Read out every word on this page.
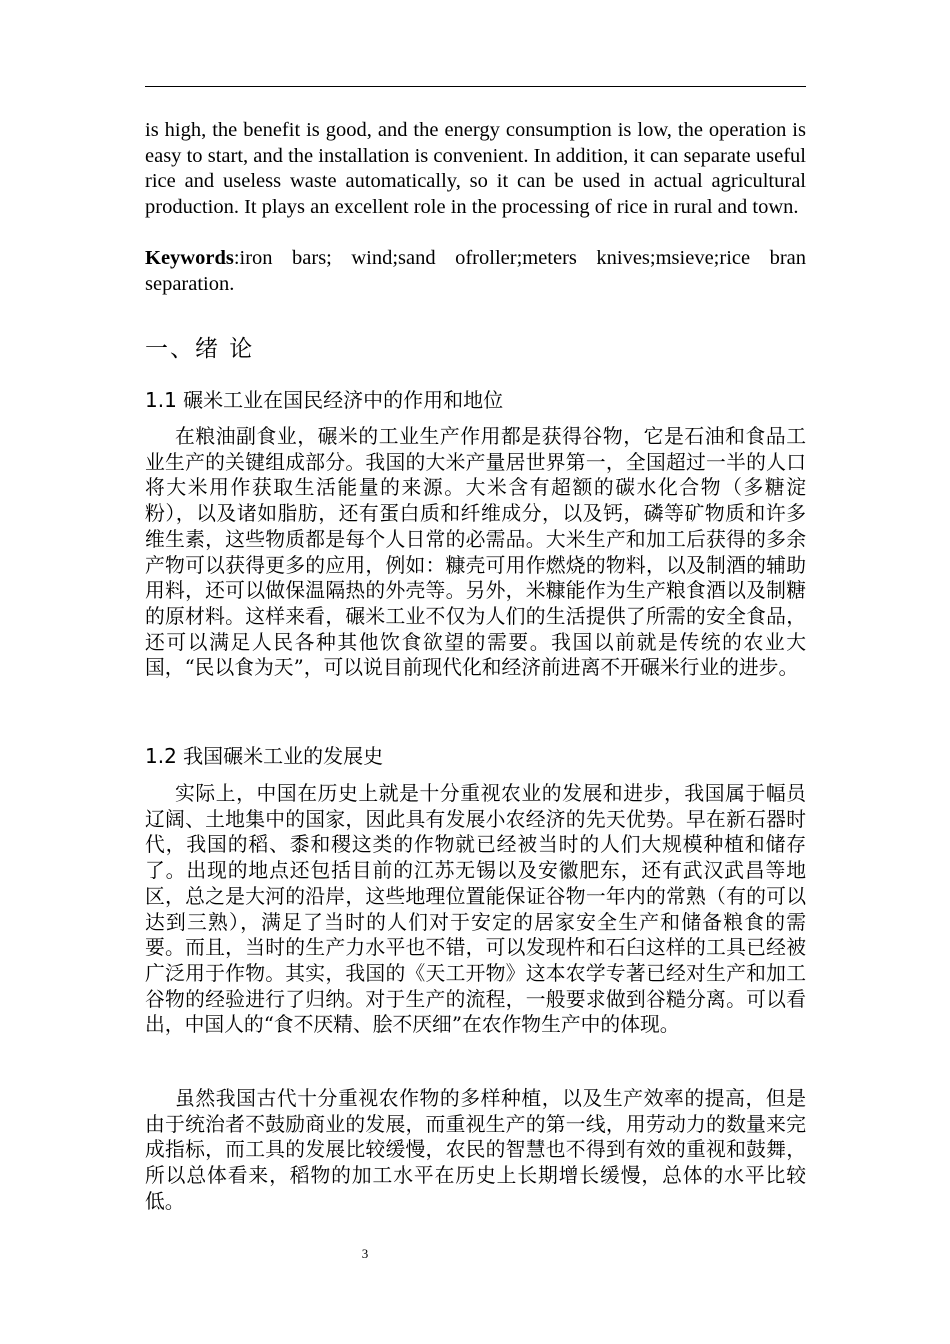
is high, the benefit is good, and the energy consumption is low, the operation is easy to start, and the installation is convenient. In addition, it can separate useful rice and useless waste automatically, so it can be used in actual agricultural production. It plays an excellent role in the processing of rice in rural and town.

Keywords:iron bars; wind;sand ofroller;meters knives;msieve;rice bran separation.

一、绪 论
1.1 碾米工业在国民经济中的作用和地位

在粮油副食业，碾米的工业生产作用都是获得谷物，它是石油和食品工业生产的关键组成部分。我国的大米产量居世界第一，全国超过一半的人口将大米用作获取生活能量的来源。大米含有超额的碳水化合物（多糖淀粉），以及诸如脂肪，还有蛋白质和纤维成分，以及钙，磷等矿物质和许多维生素，这些物质都是每个人日常的必需品。大米生产和加工后获得的多余产物可以获得更多的应用，例如：糠壳可用作燃烧的物料，以及制酒的辅助用料，还可以做保温隔热的外壳等。另外，米糠能作为生产粮食酒以及制糖的原材料。这样来看，碾米工业不仅为人们的生活提供了所需的安全食品，还可以满足人民各种其他饮食欲望的需要。我国以前就是传统的农业大国，“民以食为天”，可以说目前现代化和经济前进离不开碾米行业的进步。

1.2 我国碾米工业的发展史

实际上，中国在历史上就是十分重视农业的发展和进步，我国属于幅员辽阔、土地集中的国家，因此具有发展小农经济的先天优势。早在新石器时代，我国的稻、黍和稷这类的作物就已经被当时的人们大规模种植和储存了。出现的地点还包括目前的江苏无锡以及安徽肥东，还有武汉武昌等地区，总之是大河的沿岸，这些地理位置能保证谷物一年内的常熟（有的可以达到三熟），满足了当时的人们对于安定的居家安全生产和储备粮食的需要。而且，当时的生产力水平也不错，可以发现杵和石臼这样的工具已经被广泛用于作物。其实，我国的《天工开物》这本农学专著已经对生产和加工谷物的经验进行了归纳。对于生产的流程，一般要求做到谷糙分离。可以看出，中国人的“食不厌精、脍不厌细”在农作物生产中的体现。

虽然我国古代十分重视农作物的多样种植，以及生产效率的提高，但是由于统治者不鼓励商业的发展，而重视生产的第一线，用劳动力的数量来完成指标，而工具的发展比较缓慢，农民的智慧也不得到有效的重视和鼓舞，所以总体看来，稻物的加工水平在历史上长期增长缓慢，总体的水平比较低。

3
